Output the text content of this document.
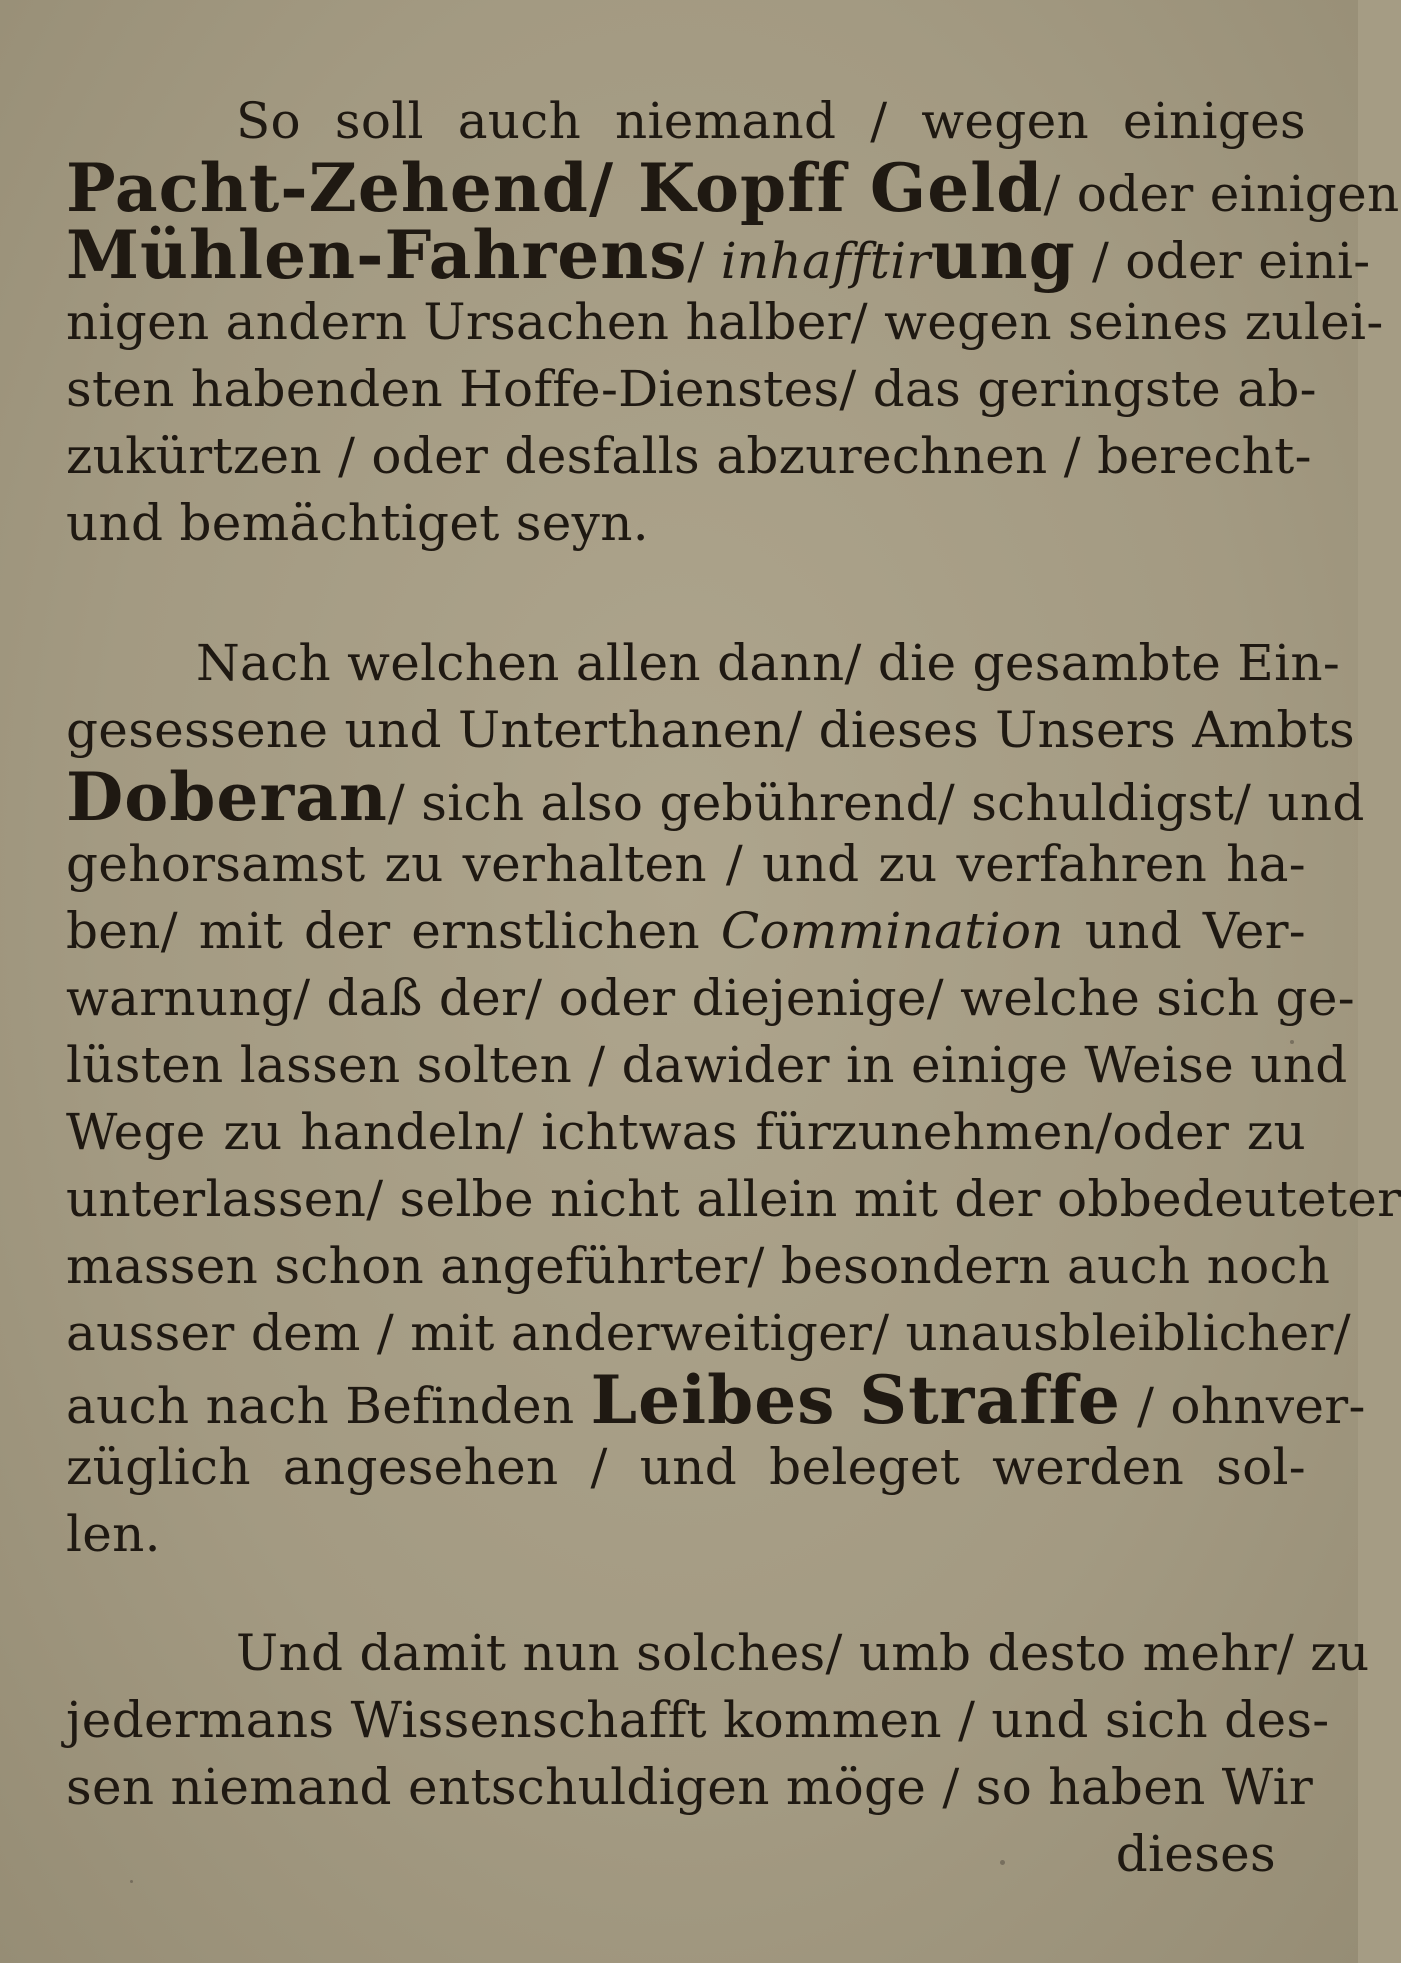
So soll auch niemand / wegen einiges
Pacht-Zehend/ Kopff Geld/ oder einigen
Mühlen-Fahrens/ inhafftirung / oder eini-
nigen andern Ursachen halber/ wegen seines zulei-
sten habenden Hoffe-Dienstes/ das geringste ab-
zukürtzen / oder desfalls abzurechnen / berecht-
und bemächtiget seyn.
Nach welchen allen dann/ die gesambte Ein-
gesessene und Unterthanen/ dieses Unsers Ambts
Doberan/ sich also gebührend/ schuldigst/ und
gehorsamst zu verhalten / und zu verfahren ha-
ben/ mit der ernstlichen Commination und Ver-
warnung/ daß der/ oder diejenige/ welche sich ge-
lüsten lassen solten / dawider in einige Weise und
Wege zu handeln/ ichtwas fürzunehmen/oder zu
unterlassen/ selbe nicht allein mit der obbedeuteter
massen schon angeführter/ besondern auch noch
ausser dem / mit anderweitiger/ unausbleiblicher/
auch nach Befinden Leibes Straffe / ohnver-
züglich angesehen / und beleget werden sol-
len.
Und damit nun solches/ umb desto mehr/ zu
jedermans Wissenschafft kommen / und sich des-
sen niemand entschuldigen möge / so haben Wir
dieses
